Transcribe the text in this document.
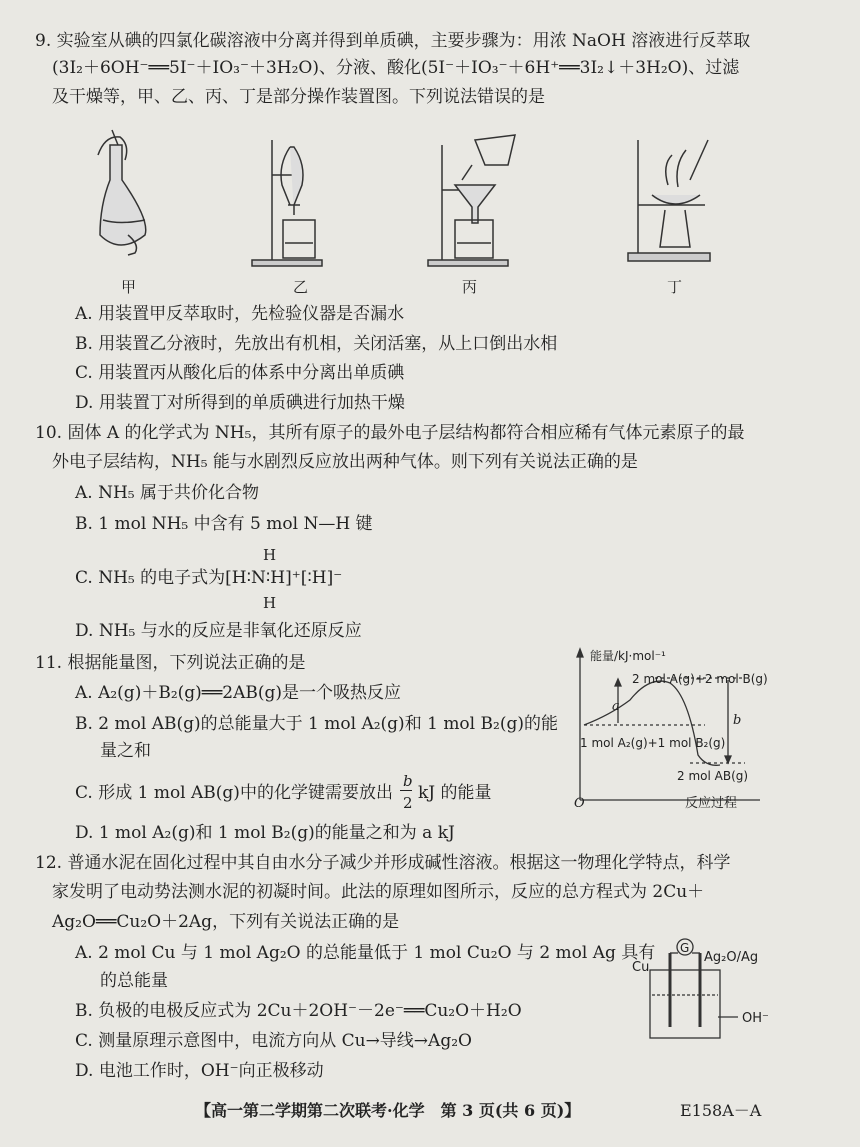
9. 实验室从碘的四氯化碳溶液中分离并得到单质碘，主要步骤为：用浓 NaOH 溶液进行反萃取
(3I₂＋6OH⁻══5I⁻＋IO₃⁻＋3H₂O)、分液、酸化(5I⁻＋IO₃⁻＋6H⁺══3I₂↓＋3H₂O)、过滤
及干燥等，甲、乙、丙、丁是部分操作装置图。下列说法错误的是
甲	乙	丙	丁
A. 用装置甲反萃取时，先检验仪器是否漏水
B. 用装置乙分液时，先放出有机相，关闭活塞，从上口倒出水相
C. 用装置丙从酸化后的体系中分离出单质碘
D. 用装置丁对所得到的单质碘进行加热干燥
10. 固体 A 的化学式为 NH₅，其所有原子的最外电子层结构都符合相应稀有气体元素原子的最
外电子层结构，NH₅ 能与水剧烈反应放出两种气体。则下列有关说法正确的是
A. NH₅ 属于共价化合物
B. 1 mol NH₅ 中含有 5 mol N—H 键
H
C. NH₅ 的电子式为[H∶N∶H]⁺[∶H]⁻
H
D. NH₅ 与水的反应是非氧化还原反应
11. 根据能量图，下列说法正确的是
A. A₂(g)＋B₂(g)══2AB(g)是一个吸热反应
B. 2 mol AB(g)的总能量大于 1 mol A₂(g)和 1 mol B₂(g)的能
量之和
C. 形成 1 mol AB(g)中的化学键需要放出
b
2 kJ 的能量
D. 1 mol A₂(g)和 1 mol B₂(g)的能量之和为 a kJ
能量/kJ·mol⁻¹
2 mol A(g)+2 mol B(g)
a
b
1 mol A₂(g)+1 mol B₂(g)
2 mol AB(g)
O	反应过程
12. 普通水泥在固化过程中其自由水分子减少并形成碱性溶液。根据这一物理化学特点，科学
家发明了电动势法测水泥的初凝时间。此法的原理如图所示，反应的总方程式为 2Cu＋
Ag₂O══Cu₂O＋2Ag，下列有关说法正确的是
A. 2 mol Cu 与 1 mol Ag₂O 的总能量低于 1 mol Cu₂O 与 2 mol Ag 具有
的总能量
B. 负极的电极反应式为 2Cu＋2OH⁻－2e⁻══Cu₂O＋H₂O
C. 测量原理示意图中，电流方向从 Cu→导线→Ag₂O
D. 电池工作时，OH⁻向正极移动
G
Cu
Ag₂O/Ag
OH⁻
【高一第二学期第二次联考·化学　第 3 页(共 6 页)】	E158A－A
